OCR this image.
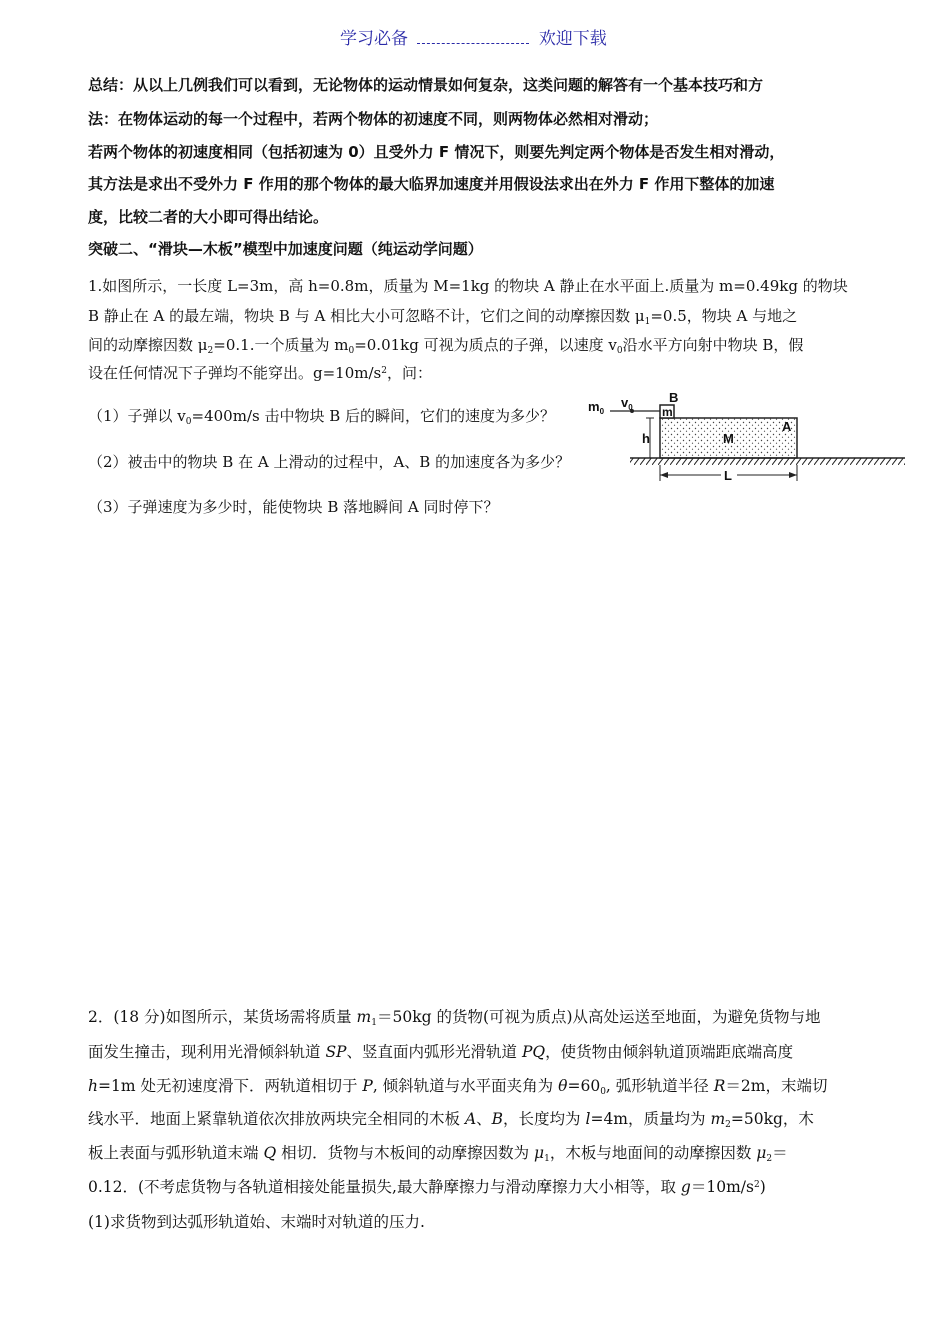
学习必备	欢迎下载
总结：从以上几例我们可以看到，无论物体的运动情景如何复杂，这类问题的解答有一个基本技巧和方
法：在物体运动的每一个过程中，若两个物体的初速度不同，则两物体必然相对滑动；
若两个物体的初速度相同（包括初速为 0）且受外力 F 情况下，则要先判定两个物体是否发生相对滑动，
其方法是求出不受外力 F 作用的那个物体的最大临界加速度并用假设法求出在外力 F 作用下整体的加速
度，比较二者的大小即可得出结论。
突破二、“滑块—木板”模型中加速度问题（纯运动学问题）
1.如图所示，一长度 L=3m，高 h=0.8m，质量为 M=1kg 的物块 A 静止在水平面上.质量为 m=0.49kg 的物块
B 静止在 A 的最左端，物块 B 与 A 相比大小可忽略不计，它们之间的动摩擦因数 $\mu_1=0.5$，物块 A 与地之
间的动摩擦因数 $\mu_2=0.1$.一个质量为 $m_0=0.01kg$ 可视为质点的子弹，以速度 $v_0$沿水平方向射中物块 B，假
设在任何情况下子弹均不能穿出。$g=10m/s^2$，问：
（1）子弹以 $v_0=400m/s$ 击中物块 B 后的瞬间，它们的速度为多少？
（2）被击中的物块 B 在 A 上滑动的过程中，A、B 的加速度各为多少？
（3）子弹速度为多少时，能使物块 B 落地瞬间 A 同时停下？
$m_0$
$v_0$
B
m
h	M
A
L
2．(18 分)如图所示，某货场需将质量 $m_1=50kg$ 的货物(可视为质点)从高处运送至地面，为避免货物与地
面发生撞击，现利用光滑倾斜轨道 SP、竖直面内弧形光滑轨道 PQ，使货物由倾斜轨道顶端距底端高度
h=1m 处无初速度滑下．两轨道相切于 P, 倾斜轨道与水平面夹角为 $\theta=60_0$, 弧形轨道半径 R＝2m，末端切
线水平．地面上紧靠轨道依次排放两块完全相同的木板 A、B，长度均为 l=4m，质量均为 $m_2=50kg$，木
板上表面与弧形轨道末端 Q 相切．货物与木板间的动摩擦因数为 $\mu_1$，木板与地面间的动摩擦因数 $\mu_2=$
0.12．(不考虑货物与各轨道相接处能量损失,最大静摩擦力与滑动摩擦力大小相等，取 $g=10m/s^2$)
(1)求货物到达弧形轨道始、末端时对轨道的压力.
